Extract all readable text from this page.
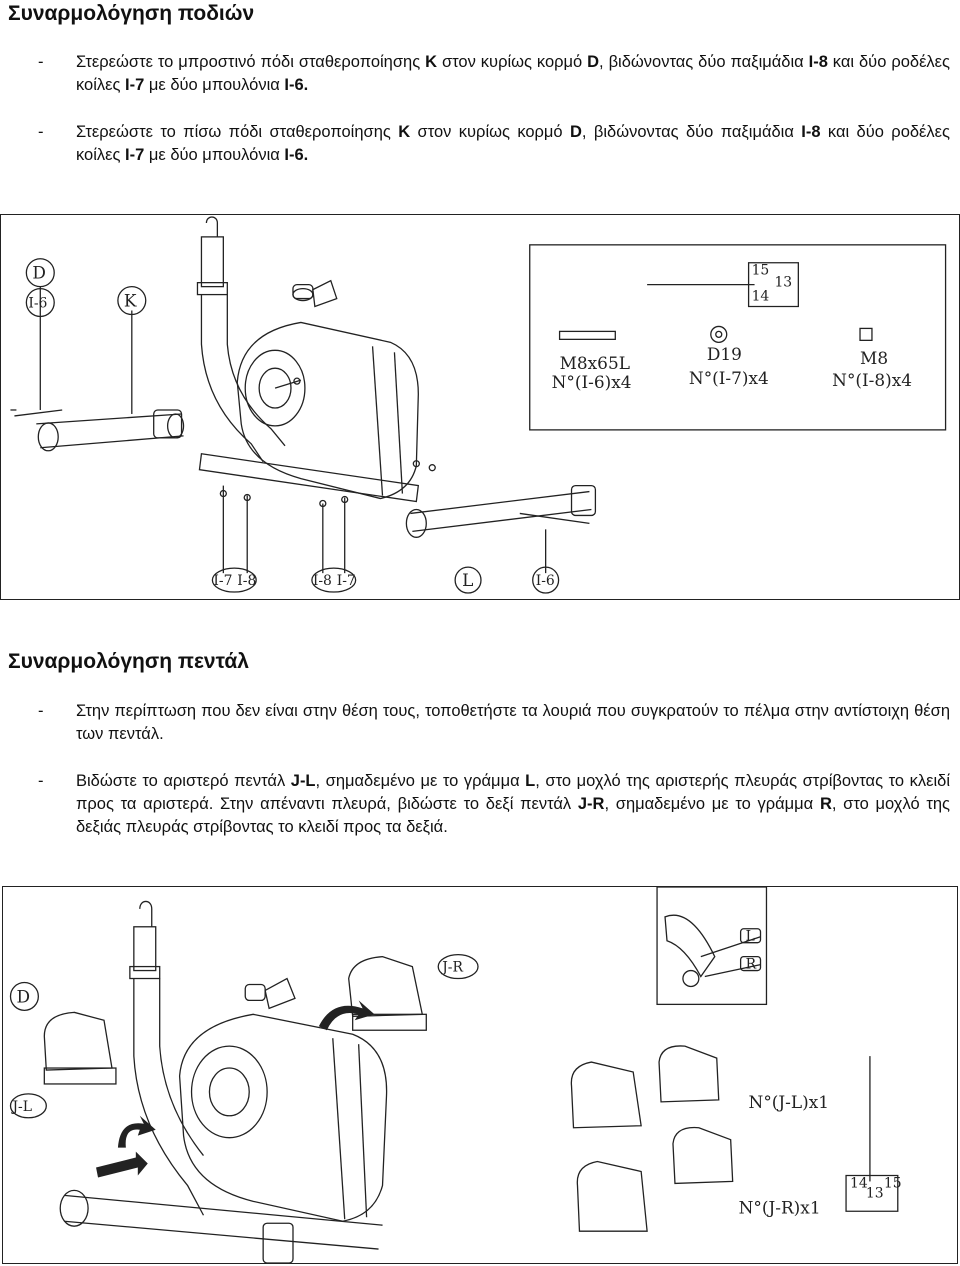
Συναρμολόγηση ποδιών
- Στερεώστε το μπροστινό πόδι σταθεροποίησης K στον κυρίως κορμό D, βιδώνοντας δύο παξιμάδια I-8 και δύο ροδέλες κοίλες I-7 με δύο μπουλόνια I-6.
- Στερεώστε το πίσω πόδι σταθεροποίησης K στον κυρίως κορμό D, βιδώνοντας δύο παξιμάδια I-8 και δύο ροδέλες κοίλες I-7 με δύο μπουλόνια I-6.
D
I-6	K
I-7 I-8	I-8 I-7	L	I-6
15
13
14
M8x65L
N°(I-6)x4
D19
N°(I-7)x4
M8
N°(I-8)x4
Συναρμολόγηση πεντάλ
- Στην περίπτωση που δεν είναι στην θέση τους, τοποθετήστε τα λουριά που συγκρατούν το πέλμα στην αντίστοιχη θέση των πεντάλ.
- Βιδώστε το αριστερό πεντάλ J-L, σημαδεμένο με το γράμμα L, στο μοχλό της αριστερής πλευράς στρίβοντας το κλειδί προς τα αριστερά. Στην απέναντι πλευρά, βιδώστε το δεξί πεντάλ J-R, σημαδεμένο με το γράμμα R, στο μοχλό της δεξιάς πλευράς στρίβοντας το κλειδί προς τα δεξιά.
D
J-R
J-L
L
R
14
13
15
N°(J-L)x1
N°(J-R)x1
